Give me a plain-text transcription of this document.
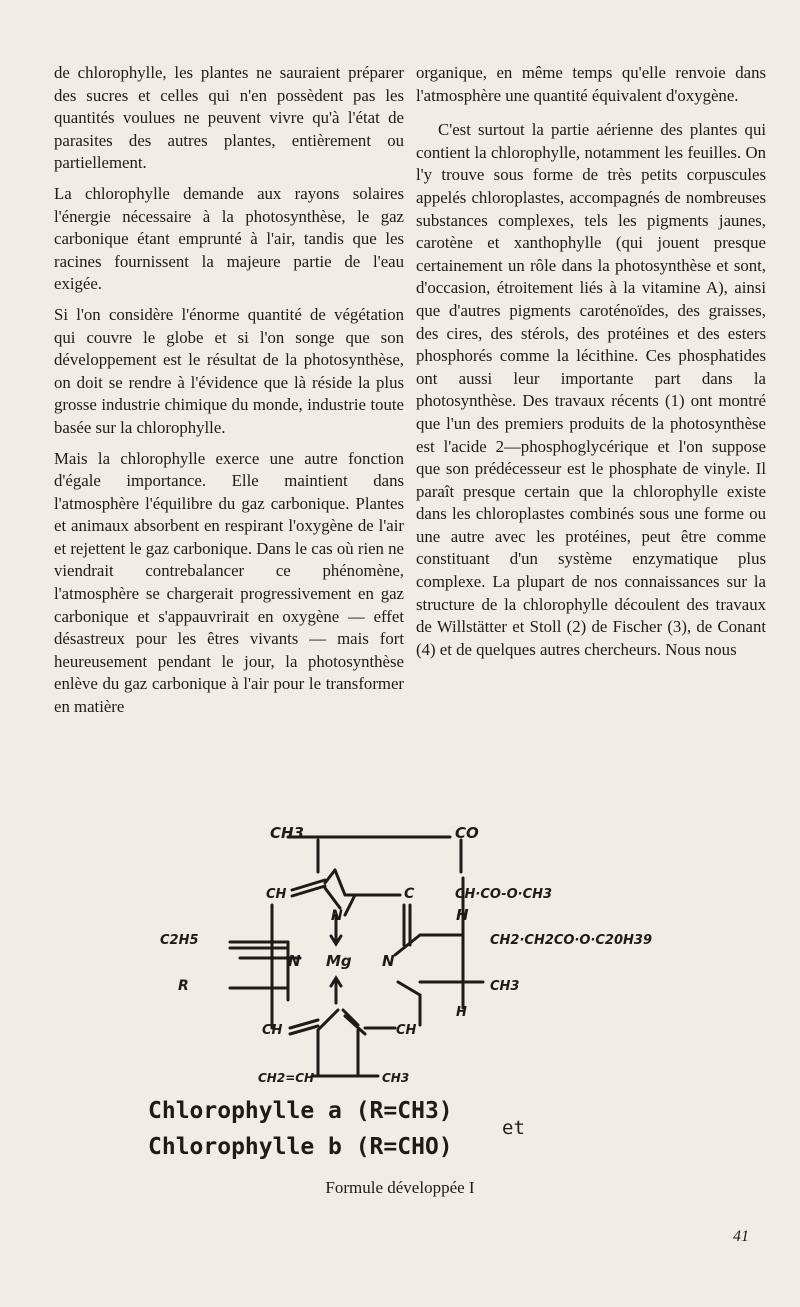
de chlorophylle, les plantes ne sauraient préparer des sucres et celles qui n'en possèdent pas les quantités voulues ne peuvent vivre qu'à l'état de parasites des autres plantes, entièrement ou partiellement.

La chlorophylle demande aux rayons solaires l'énergie nécessaire à la photosynthèse, le gaz carbonique étant emprunté à l'air, tandis que les racines fournissent la majeure partie de l'eau exigée.

Si l'on considère l'énorme quantité de végétation qui couvre le globe et si l'on songe que son développement est le résultat de la photosynthèse, on doit se rendre à l'évidence que là réside la plus grosse industrie chimique du monde, industrie toute basée sur la chlorophylle.

Mais la chlorophylle exerce une autre fonction d'égale importance. Elle maintient dans l'atmosphère l'équilibre du gaz carbonique. Plantes et animaux absorbent en respirant l'oxygène de l'air et rejettent le gaz carbonique. Dans le cas où rien ne viendrait contrebalancer ce phénomène, l'atmosphère se chargerait progressivement en gaz carbonique et s'appauvrirait en oxygène — effet désastreux pour les êtres vivants — mais fort heureusement pendant le jour, la photosynthèse enlève du gaz carbonique à l'air pour le transformer en matière

organique, en même temps qu'elle renvoie dans l'atmosphère une quantité équivalent d'oxygène.

C'est surtout la partie aérienne des plantes qui contient la chlorophylle, notamment les feuilles. On l'y trouve sous forme de très petits corpuscules appelés chloroplastes, accompagnés de nombreuses substances complexes, tels les pigments jaunes, carotène et xanthophylle (qui jouent presque certainement un rôle dans la photosynthèse et sont, d'occasion, étroitement liés à la vitamine A), ainsi que d'autres pigments caroténoïdes, des graisses, des cires, des stérols, des protéines et des esters phosphorés comme la lécithine. Ces phosphatides ont aussi leur importante part dans la photosynthèse. Des travaux récents (1) ont montré que l'un des premiers produits de la photosynthèse est l'acide 2—phosphoglycérique et l'on suppose que son prédécesseur est le phosphate de vinyle. Il paraît presque certain que la chlorophylle existe dans les chloroplastes combinés sous une forme ou une autre avec les protéines, peut être comme constituant d'un système enzymatique plus complexe. La plupart de nos connaissances sur la structure de la chlorophylle découlent des travaux de Willstätter et Stoll (2) de Fischer (3), de Conant (4) et de quelques autres chercheurs. Nous nous

CH3	CO
CH	C	CH·CO-O·CH3
N	H
C2H5	CH2·CH2CO·O·C20H39
N Mg N
R	CH3
H
CH	CH
CH2=CH	CH3
Chlorophylle a (R=CH3)
Chlorophylle b (R=CHO)
et
Formule développée I
41
